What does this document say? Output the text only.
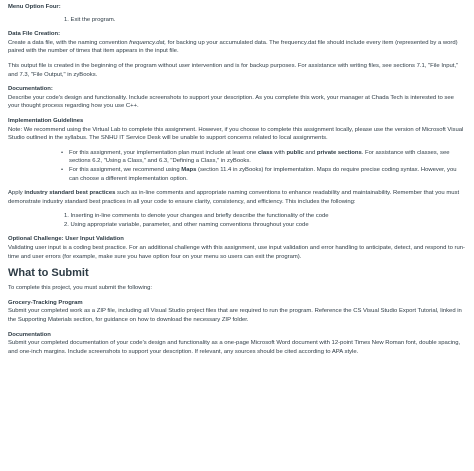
Menu Option Four:

1. Exit the program.

Data File Creation:

Create a data file, with the naming convention frequency.dat, for backing up your accumulated data. The frequency.dat file should include every item (represented by a word) paired with the number of times that item appears in the input file.

This output file is created in the beginning of the program without user intervention and is for backup purposes. For assistance with writing files, see sections 7.1, "File Input," and 7.3, "File Output," in zyBooks.

Documentation:

Describe your code's design and functionality. Include screenshots to support your description. As you complete this work, your manager at Chada Tech is interested to see your thought process regarding how you use C++.

Implementation Guidelines

Note: We recommend using the Virtual Lab to complete this assignment. However, if you choose to complete this assignment locally, please use the version of Microsoft Visual Studio outlined in the syllabus. The SNHU IT Service Desk will be unable to support concerns related to local assignments.

• For this assignment, your implementation plan must include at least one class with public and private sections. For assistance with classes, see sections 6.2, "Using a Class," and 6.3, "Defining a Class," in zyBooks.
• For this assignment, we recommend using Maps (section 11.4 in zyBooks) for implementation. Maps do require precise coding syntax. However, you can choose a different implementation option.

Apply industry standard best practices such as in-line comments and appropriate naming conventions to enhance readability and maintainability. Remember that you must demonstrate industry standard best practices in all your code to ensure clarity, consistency, and efficiency. This includes the following:

1. Inserting in-line comments to denote your changes and briefly describe the functionality of the code
2. Using appropriate variable, parameter, and other naming conventions throughout your code

Optional Challenge: User Input Validation

Validating user input is a coding best practice. For an additional challenge with this assignment, use input validation and error handling to anticipate, detect, and respond to run-time and user errors (for example, make sure you have option four on your menu so users can exit the program).

What to Submit

To complete this project, you must submit the following:

Grocery-Tracking Program

Submit your completed work as a ZIP file, including all Visual Studio project files that are required to run the program. Reference the CS Visual Studio Export Tutorial, linked in the Supporting Materials section, for guidance on how to download the necessary ZIP folder.

Documentation

Submit your completed documentation of your code's design and functionality as a one-page Microsoft Word document with 12-point Times New Roman font, double spacing, and one-inch margins. Include screenshots to support your description. If relevant, any sources should be cited according to APA style.
